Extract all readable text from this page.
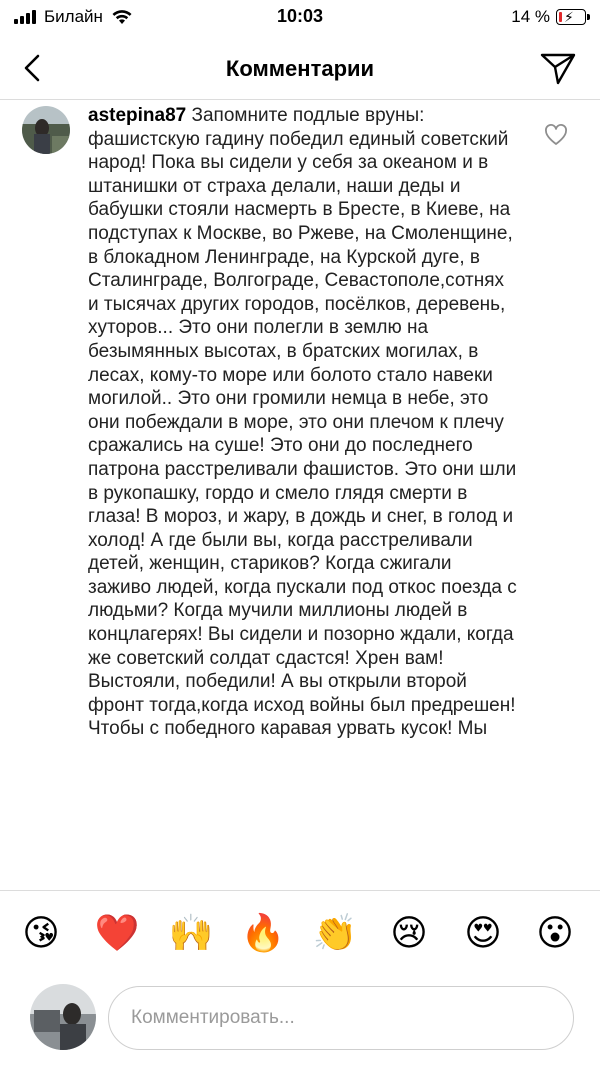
Билайн	10:03	14 % ⚡
Комментарии
astepina87 Запомните подлые вруны: фашистскую гадину победил единый советский народ! Пока вы сидели у себя за океаном и в штанишки от страха делали, наши деды и бабушки стояли насмерть в Бресте, в Киеве, на подступах к Москве, во Ржеве, на Смоленщине, в блокадном Ленинграде, на Курской дуге, в Сталинграде, Волгограде, Севастополе,сотнях и тысячах других городов, посёлков, деревень, хуторов... Это они полегли в землю на безымянных высотах, в братских могилах, в лесах, кому-то море или болото стало навеки могилой.. Это они громили немца в небе, это они побеждали в море, это они плечом к плечу сражались на суше! Это они до последнего патрона расстреливали фашистов. Это они шли в рукопашку, гордо и смело глядя смерти в глаза! В мороз, и жару, в дождь и снег, в голод и холод! А где были вы, когда расстреливали детей, женщин, стариков? Когда сжигали заживо людей, когда пускали под откос поезда с людьми? Когда мучили миллионы людей в концлагерях! Вы сидели и позорно ждали, когда же советский солдат сдастся! Хрен вам! Выстояли, победили! А вы открыли второй фронт тогда,когда исход войны был предрешен! Чтобы с победного каравая урвать кусок! Мы
😘 ❤️ 🙌 🔥 👏 😢 😍 😮
Комментировать...
